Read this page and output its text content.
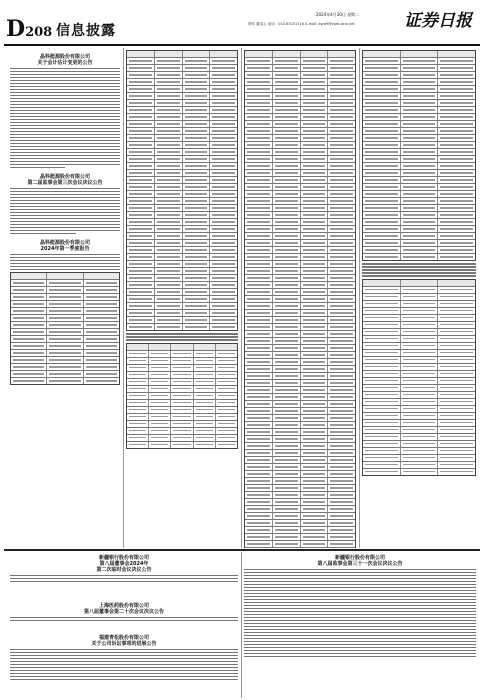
D208 信息披露
2024年4月30日 星期二
制作 董春云 电话：010-83251716 E-mail: zqrb9@zqrb.sina.net	证券日报
晶科能源股份有限公司
关于会计估计变更的公告
晶科能源股份有限公司
第二届监事会第三次会议决议公告
晶科能源股份有限公司
2024年第一季度报告
新疆银行股份有限公司
第八届董事会2024年
第二次临时会议决议公告
上海医药股份有限公司
第八届董事会第二十次会议决议公告
福建青松股份有限公司
关于公司诉讼事项的进展公告
新疆银行股份有限公司
第八届监事会第三十一次会议决议公告
